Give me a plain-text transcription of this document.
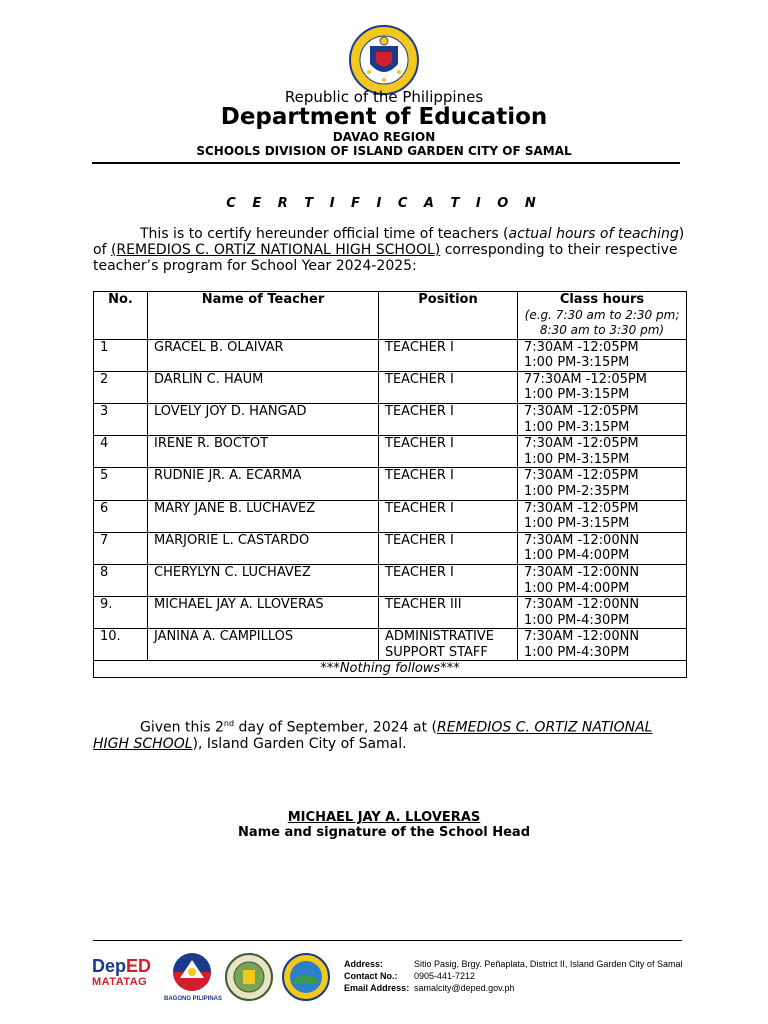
Republic of the Philippines
Department of Education
DAVAO REGION
SCHOOLS DIVISION OF ISLAND GARDEN CITY OF SAMAL
C E R T I F I C A T I O N
This is to certify hereunder official time of teachers (actual hours of teaching) of (REMEDIOS C. ORTIZ NATIONAL HIGH SCHOOL) corresponding to their respective teacher’s program for School Year 2024-2025:
No.	Name of Teacher	Position	Class hours
(e.g. 7:30 am to 2:30 pm; 8:30 am to 3:30 pm)

1	GRACEL B. OLAIVAR	TEACHER I	7:30AM -12:05PM
1:00 PM-3:15PM

2	DARLIN C. HAUM	TEACHER I	77:30AM -12:05PM
1:00 PM-3:15PM

3	LOVELY JOY D. HANGAD	TEACHER I	7:30AM -12:05PM
1:00 PM-3:15PM

4	IRENE R. BOCTOT	TEACHER I	7:30AM -12:05PM
1:00 PM-3:15PM

5	RUDNIE JR. A. ECARMA	TEACHER I	7:30AM -12:05PM
1:00 PM-2:35PM

6	MARY JANE B. LUCHAVEZ	TEACHER I	7:30AM -12:05PM
1:00 PM-3:15PM

7	MARJORIE L. CASTARDO	TEACHER I	7:30AM -12:00NN
1:00 PM-4:00PM

8	CHERYLYN C. LUCHAVEZ	TEACHER I	7:30AM -12:00NN
1:00 PM-4:00PM

9.	MICHAEL JAY A. LLOVERAS	TEACHER III	7:30AM -12:00NN
1:00 PM-4:30PM

10.	JANINA A. CAMPILLOS	ADMINISTRATIVE SUPPORT STAFF	7:30AM -12:00NN
1:00 PM-4:30PM

***Nothing follows***			
Given this 2nd day of September, 2024 at (REMEDIOS C. ORTIZ NATIONAL HIGH SCHOOL), Island Garden City of Samal.
MICHAEL JAY A. LLOVERAS
Name and signature of the School Head
DepED
MATATAG
BAGONG PILIPINAS
Address:	Sitio Pasig, Brgy. Peñaplata, District II, Island Garden City of Samal
Contact No.:	0905-441-7212
Email Address: samalcity@deped.gov.ph
